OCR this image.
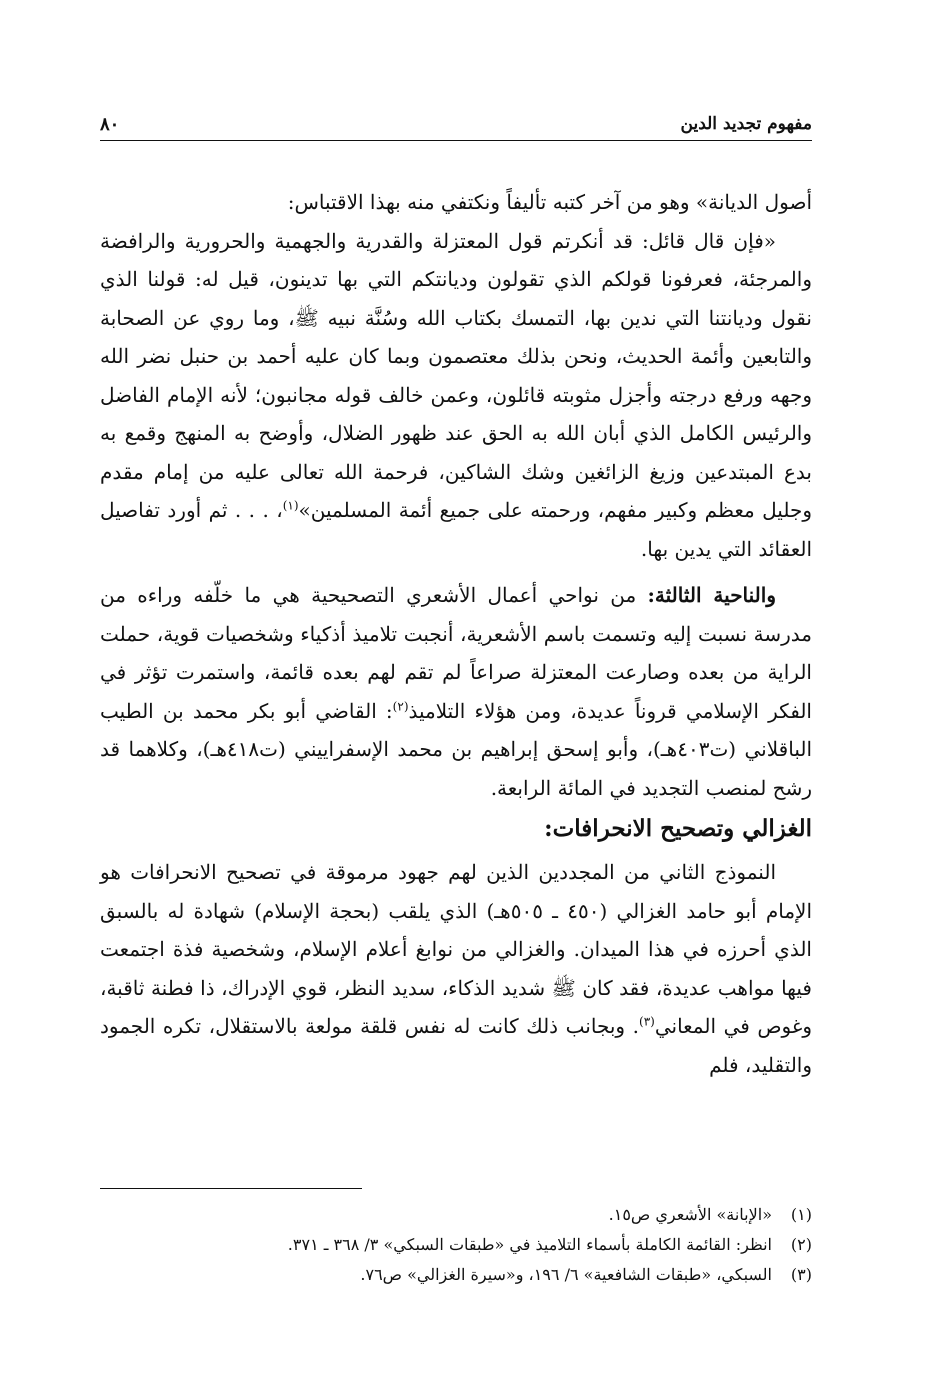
مفهوم تجديد الدين
٨٠

أصول الديانة» وهو من آخر كتبه تأليفاً ونكتفي منه بهذا الاقتباس:

«فإن قال قائل: قد أنكرتم قول المعتزلة والقدرية والجهمية والحرورية والرافضة والمرجئة، فعرفونا قولكم الذي تقولون وديانتكم التي بها تدينون، قيل له: قولنا الذي نقول وديانتنا التي ندين بها، التمسك بكتاب الله وسُنَّة نبيه ﷺ، وما روي عن الصحابة والتابعين وأئمة الحديث، ونحن بذلك معتصمون وبما كان عليه أحمد بن حنبل نضر الله وجهه ورفع درجته وأجزل مثوبته قائلون، وعمن خالف قوله مجانبون؛ لأنه الإمام الفاضل والرئيس الكامل الذي أبان الله به الحق عند ظهور الضلال، وأوضح به المنهج وقمع به بدع المبتدعين وزيغ الزائغين وشك الشاكين، فرحمة الله تعالى عليه من إمام مقدم وجليل معظم وكبير مفهم، ورحمته على جميع أئمة المسلمين»$^{(١)}$، . . . ثم أورد تفاصيل العقائد التي يدين بها.

والناحية الثالثة: من نواحي أعمال الأشعري التصحيحية هي ما خلّفه وراءه من مدرسة نسبت إليه وتسمت باسم الأشعرية، أنجبت تلاميذ أذكياء وشخصيات قوية، حملت الراية من بعده وصارعت المعتزلة صراعاً لم تقم لهم بعده قائمة، واستمرت تؤثر في الفكر الإسلامي قروناً عديدة، ومن هؤلاء التلاميذ$^{(٢)}$: القاضي أبو بكر محمد بن الطيب الباقلاني (ت٤٠٣هـ)، وأبو إسحق إبراهيم بن محمد الإسفراييني (ت٤١٨هـ)، وكلاهما قد رشح لمنصب التجديد في المائة الرابعة.

الغزالي وتصحيح الانحرافات:

النموذج الثاني من المجددين الذين لهم جهود مرموقة في تصحيح الانحرافات هو الإمام أبو حامد الغزالي (٤٥٠ ـ ٥٠٥هـ) الذي يلقب (بحجة الإسلام) شهادة له بالسبق الذي أحرزه في هذا الميدان. والغزالي من نوابغ أعلام الإسلام، وشخصية فذة اجتمعت فيها مواهب عديدة، فقد كان ﷺ شديد الذكاء، سديد النظر، قوي الإدراك، ذا فطنة ثاقبة، وغوص في المعاني$^{(٣)}$. وبجانب ذلك كانت له نفس قلقة مولعة بالاستقلال، تكره الجمود والتقليد، فلم

(١)«الإبانة» الأشعري ص١٥.
(٢)انظر: القائمة الكاملة بأسماء التلاميذ في «طبقات السبكي» ٣/ ٣٦٨ ـ ٣٧١.
(٣)السبكي، «طبقات الشافعية» ٦/ ١٩٦، و«سيرة الغزالي» ص٧٦.
